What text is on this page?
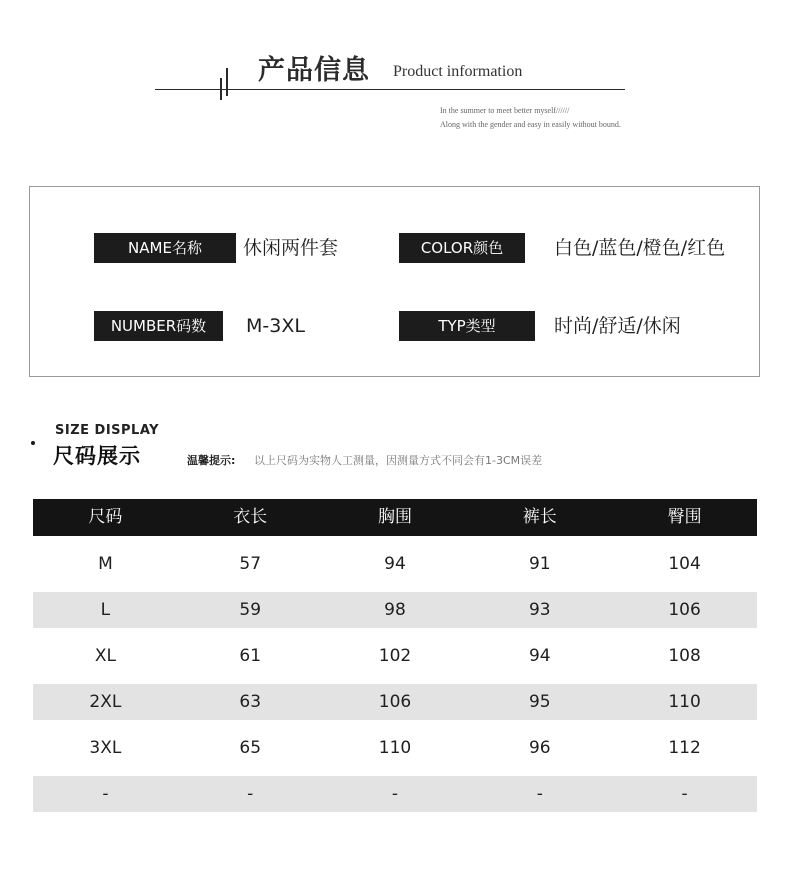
产品信息 Product information
In the summer to meet better myself//////
Along with the gender and easy in easily without bound.
NAME名称	休闲两件套	COLOR颜色	白色/蓝色/橙色/红色
NUMBER码数	M-3XL	TYP类型	时尚/舒适/休闲
SIZE DISPLAY
尺码展示	温馨提示: 以上尺码为实物人工测量，因测量方式不同会有1-3CM误差
尺码	衣长	胸围	裤长	臀围
M	57	94	91	104
L	59	98	93	106
XL	61	102	94	108
2XL	63	106	95	110
3XL	65	110	96	112
-	-	-	-	-
